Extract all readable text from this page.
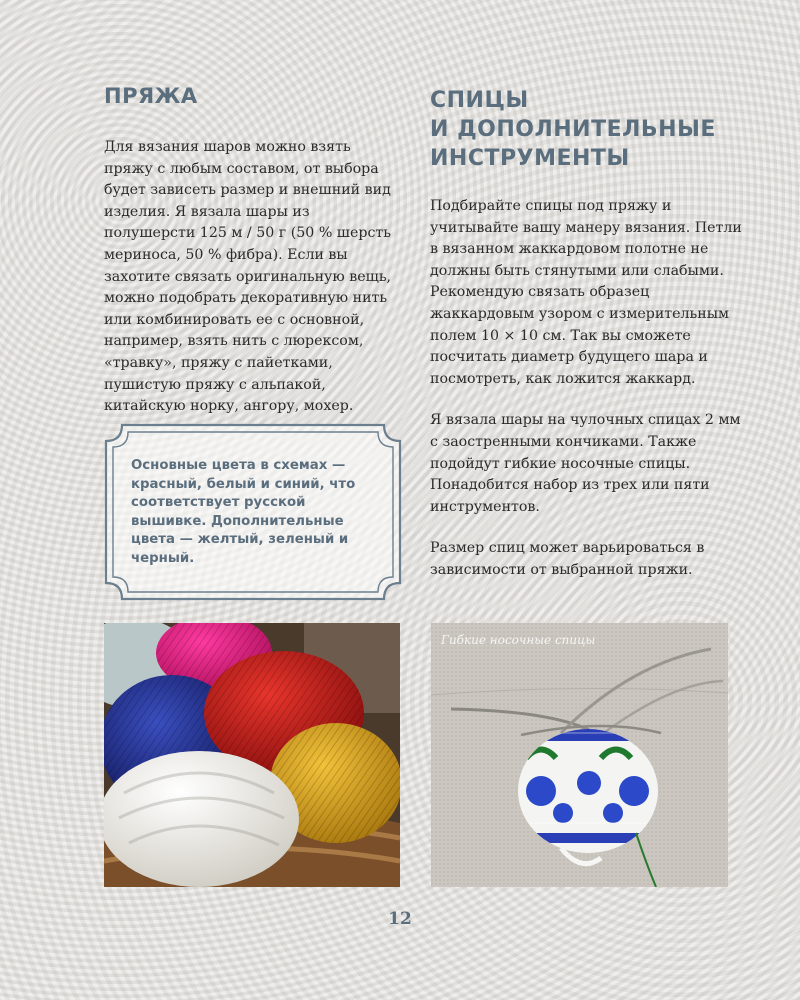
ПРЯЖА

Для вязания шаров можно взять пряжу с любым составом, от выбора будет зависеть размер и внешний вид изделия. Я вязала шары из полушерсти 125 м / 50 г (50 % шерсть мериноса, 50 % фибра). Если вы захотите связать оригинальную вещь, можно подобрать декоративную нить или комбинировать ее с основной, например, взять нить с люрексом, «травку», пряжу с пайетками, пушистую пряжу с альпакой, китайскую норку, ангору, мохер.

СПИЦЫ
И ДОПОЛНИТЕЛЬНЫЕ
ИНСТРУМЕНТЫ

Подбирайте спицы под пряжу и учитывайте вашу манеру вязания. Петли в вязанном жаккардовом полотне не должны быть стянутыми или слабыми. Рекомендую связать образец жаккардовым узором с измерительным полем 10 × 10 см. Так вы сможете посчитать диаметр будущего шара и посмотреть, как ложится жаккард.

Я вязала шары на чулочных спицах 2 мм с заостренными кончиками. Также подойдут гибкие носочные спицы. Понадобится набор из трех или пяти инструментов.

Размер спиц может варьироваться в зависимости от выбранной пряжи.

Основные цвета в схемах — красный, белый и синий, что соответствует русской вышивке. Дополнительные цвета — желтый, зеленый и черный.
Гибкие носочные спицы
12
